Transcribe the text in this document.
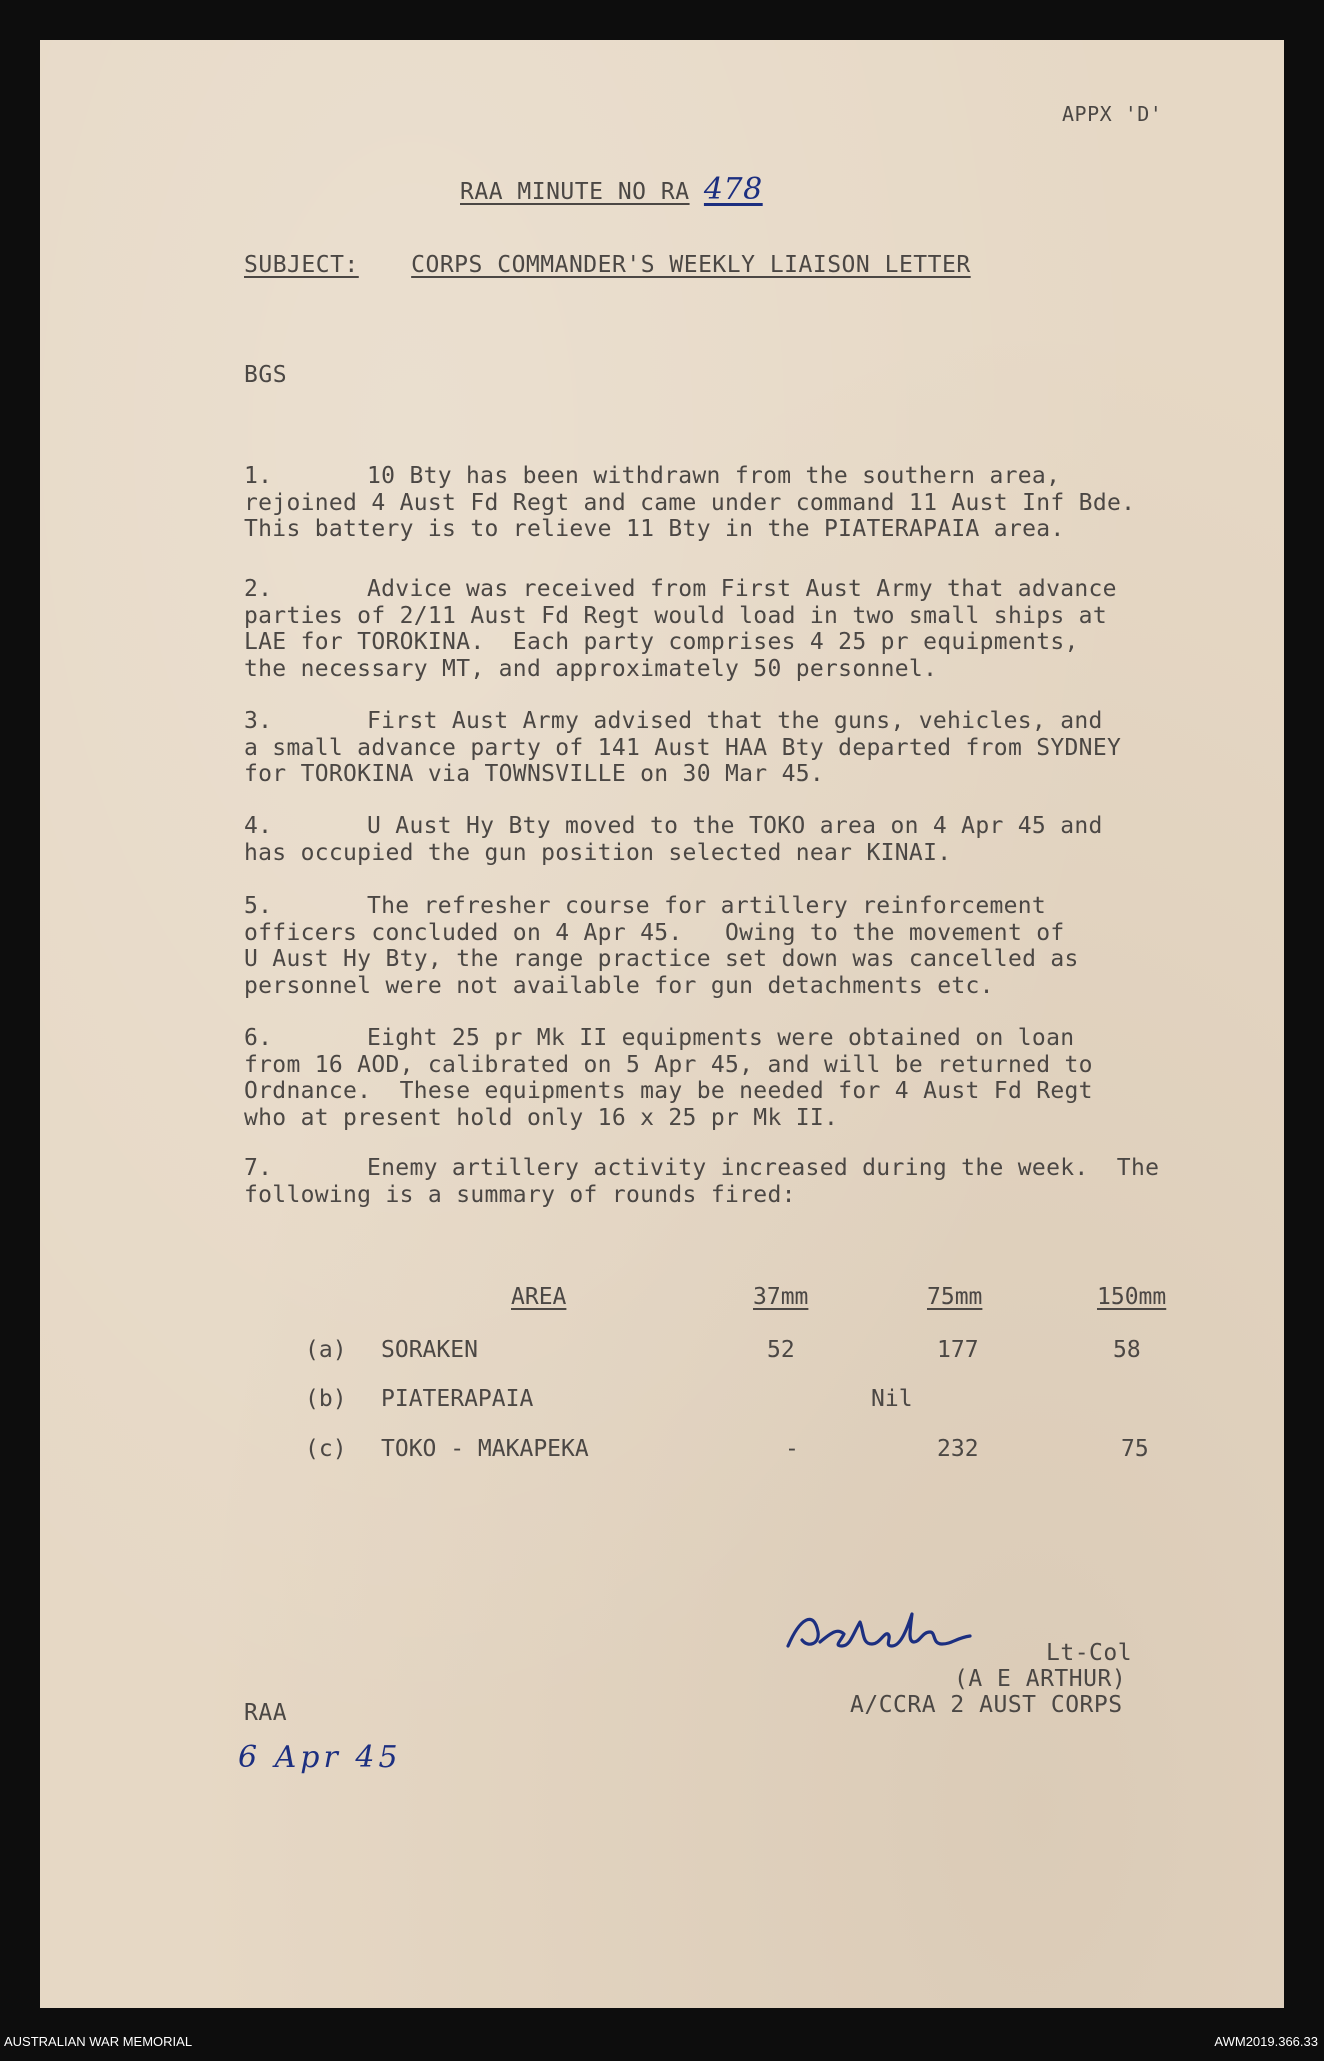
APPX 'D'
RAA MINUTE NO RA 478
SUBJECT: CORPS COMMANDER'S WEEKLY LIAISON LETTER
BGS
1.	10 Bty has been withdrawn from the southern area,

rejoined 4 Aust Fd Regt and came under command 11 Aust Inf Bde.
This battery is to relieve 11 Bty in the PIATERAPAIA area.
2.	Advice was received from First Aust Army that advance

parties of 2/11 Aust Fd Regt would load in two small ships at
LAE for TOROKINA.  Each party comprises 4 25 pr equipments,
the necessary MT, and approximately 50 personnel.
3.	First Aust Army advised that the guns, vehicles, and

a small advance party of 141 Aust HAA Bty departed from SYDNEY
for TOROKINA via TOWNSVILLE on 30 Mar 45.
4.	U Aust Hy Bty moved to the TOKO area on 4 Apr 45 and

has occupied the gun position selected near KINAI.
5.	The refresher course for artillery reinforcement

officers concluded on 4 Apr 45.   Owing to the movement of
U Aust Hy Bty, the range practice set down was cancelled as
personnel were not available for gun detachments etc.
6.	Eight 25 pr Mk II equipments were obtained on loan

from 16 AOD, calibrated on 5 Apr 45, and will be returned to
Ordnance.  These equipments may be needed for 4 Aust Fd Regt
who at present hold only 16 x 25 pr Mk II.
7.	Enemy artillery activity increased during the week.  The

following is a summary of rounds fired:
AREA	37mm	75mm	150mm
(a) SORAKEN	52	177	58
(b) PIATERAPAIA	Nil
(c) TOKO - MAKAPEKA	-	232	75
Lt-Col
(A E ARTHUR)
A/CCRA 2 AUST CORPS
RAA
6 Apr 45
AUSTRALIAN WAR MEMORIAL	AWM2019.366.33
